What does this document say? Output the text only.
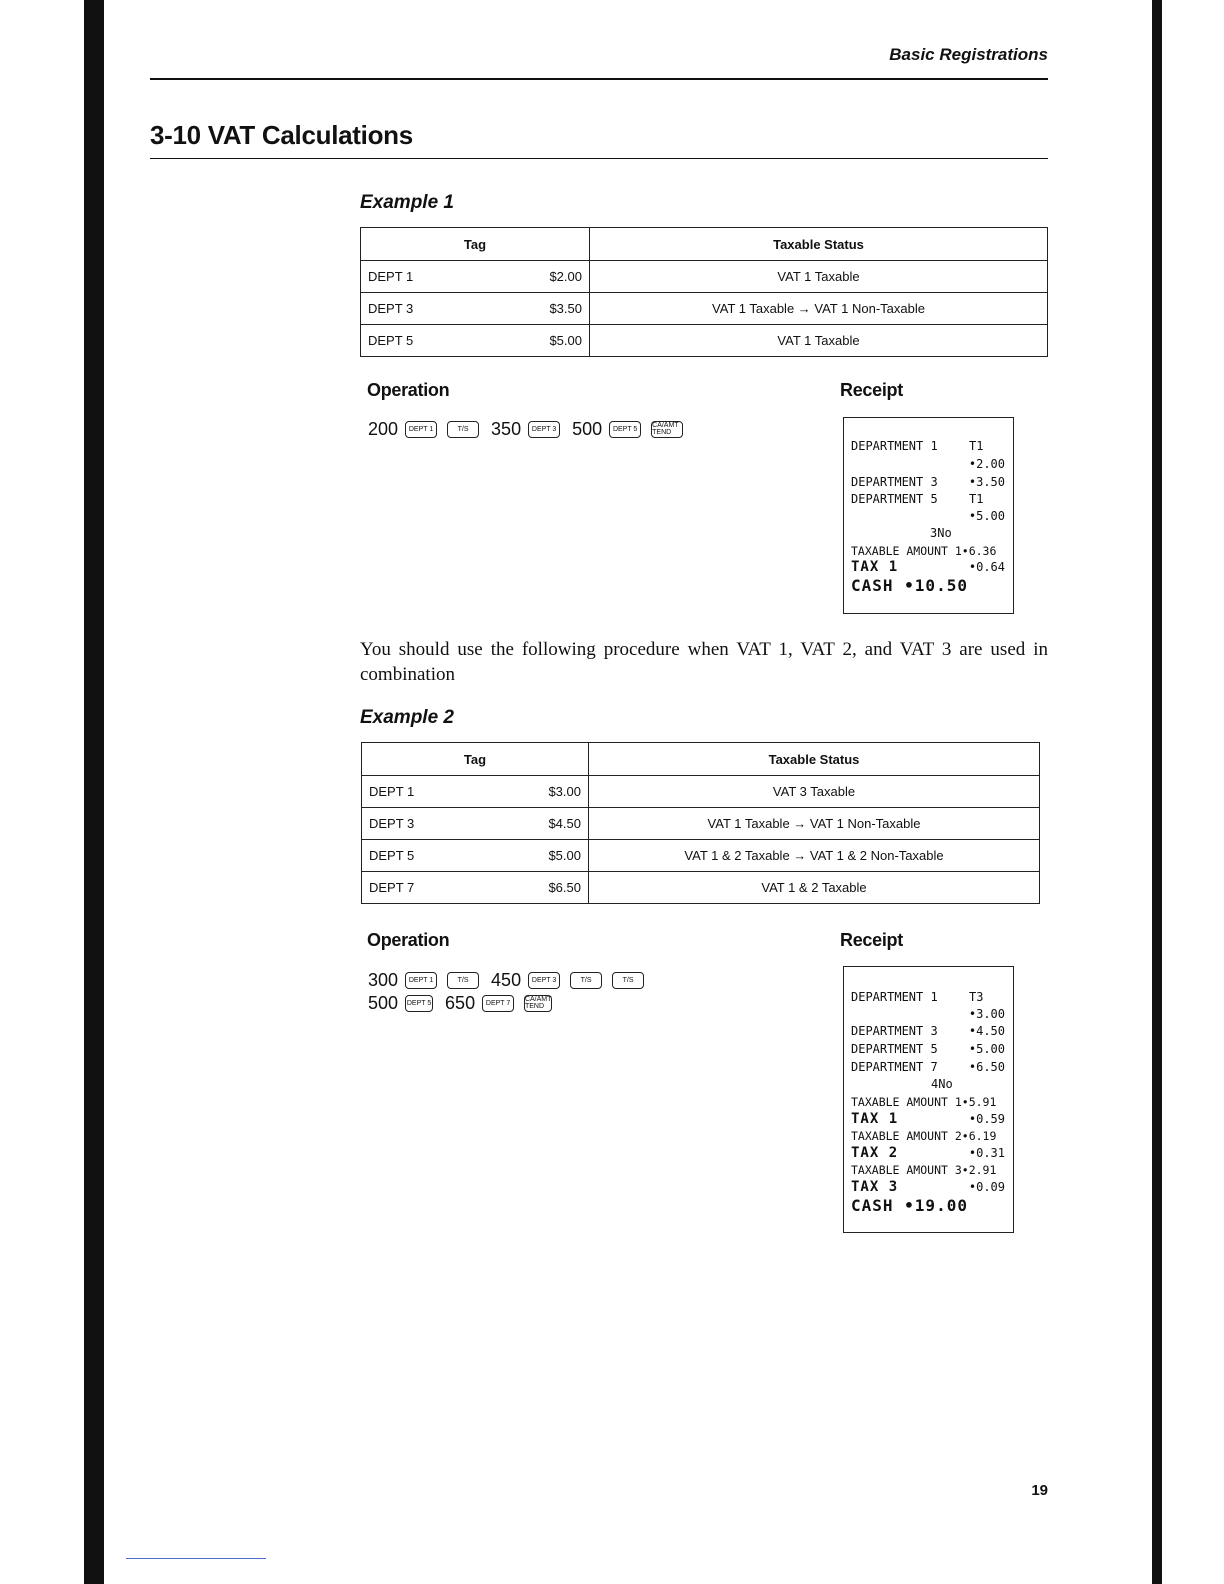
Basic Registrations
3-10 VAT Calculations
Example 1
Tag	Taxable Status
DEPT 1 $2.00	VAT 1 Taxable
DEPT 3 $3.50	VAT 1 Taxable → VAT 1 Non-Taxable
DEPT 5 $5.00	VAT 1 Taxable
Operation	Receipt
200	DEPT 1	T/S	350	DEPT 3 500	DEPT 5	CA/AMT TEND
DEPARTMENT 1	T1
•2.00
DEPARTMENT 3	•3.50
DEPARTMENT 5	T1
•5.00
3No
TAXABLE AMOUNT 1•6.36
TAX 1	•0.64
CASH •10.50
You should use the following procedure when VAT 1, VAT 2, and VAT 3 are used in combination
Example 2
Tag	Taxable Status
DEPT 1 $3.00	VAT 3 Taxable
DEPT 3 $4.50	VAT 1 Taxable → VAT 1 Non-Taxable
DEPT 5 $5.00	VAT 1 & 2 Taxable → VAT 1 & 2 Non-Taxable
DEPT 7 $6.50	VAT 1 & 2 Taxable
Operation	Receipt
300	DEPT 1	T/S	450	DEPT 3	T/S	T/S
500 DEPT 5 650	DEPT 7	CA/AMT TEND
DEPARTMENT 1	T3
•3.00
DEPARTMENT 3	•4.50
DEPARTMENT 5	•5.00
DEPARTMENT 7	•6.50
4No
TAXABLE AMOUNT 1•5.91
TAX 1	•0.59
TAXABLE AMOUNT 2•6.19
TAX 2	•0.31
TAXABLE AMOUNT 3•2.91
TAX 3	•0.09
CASH •19.00
19
